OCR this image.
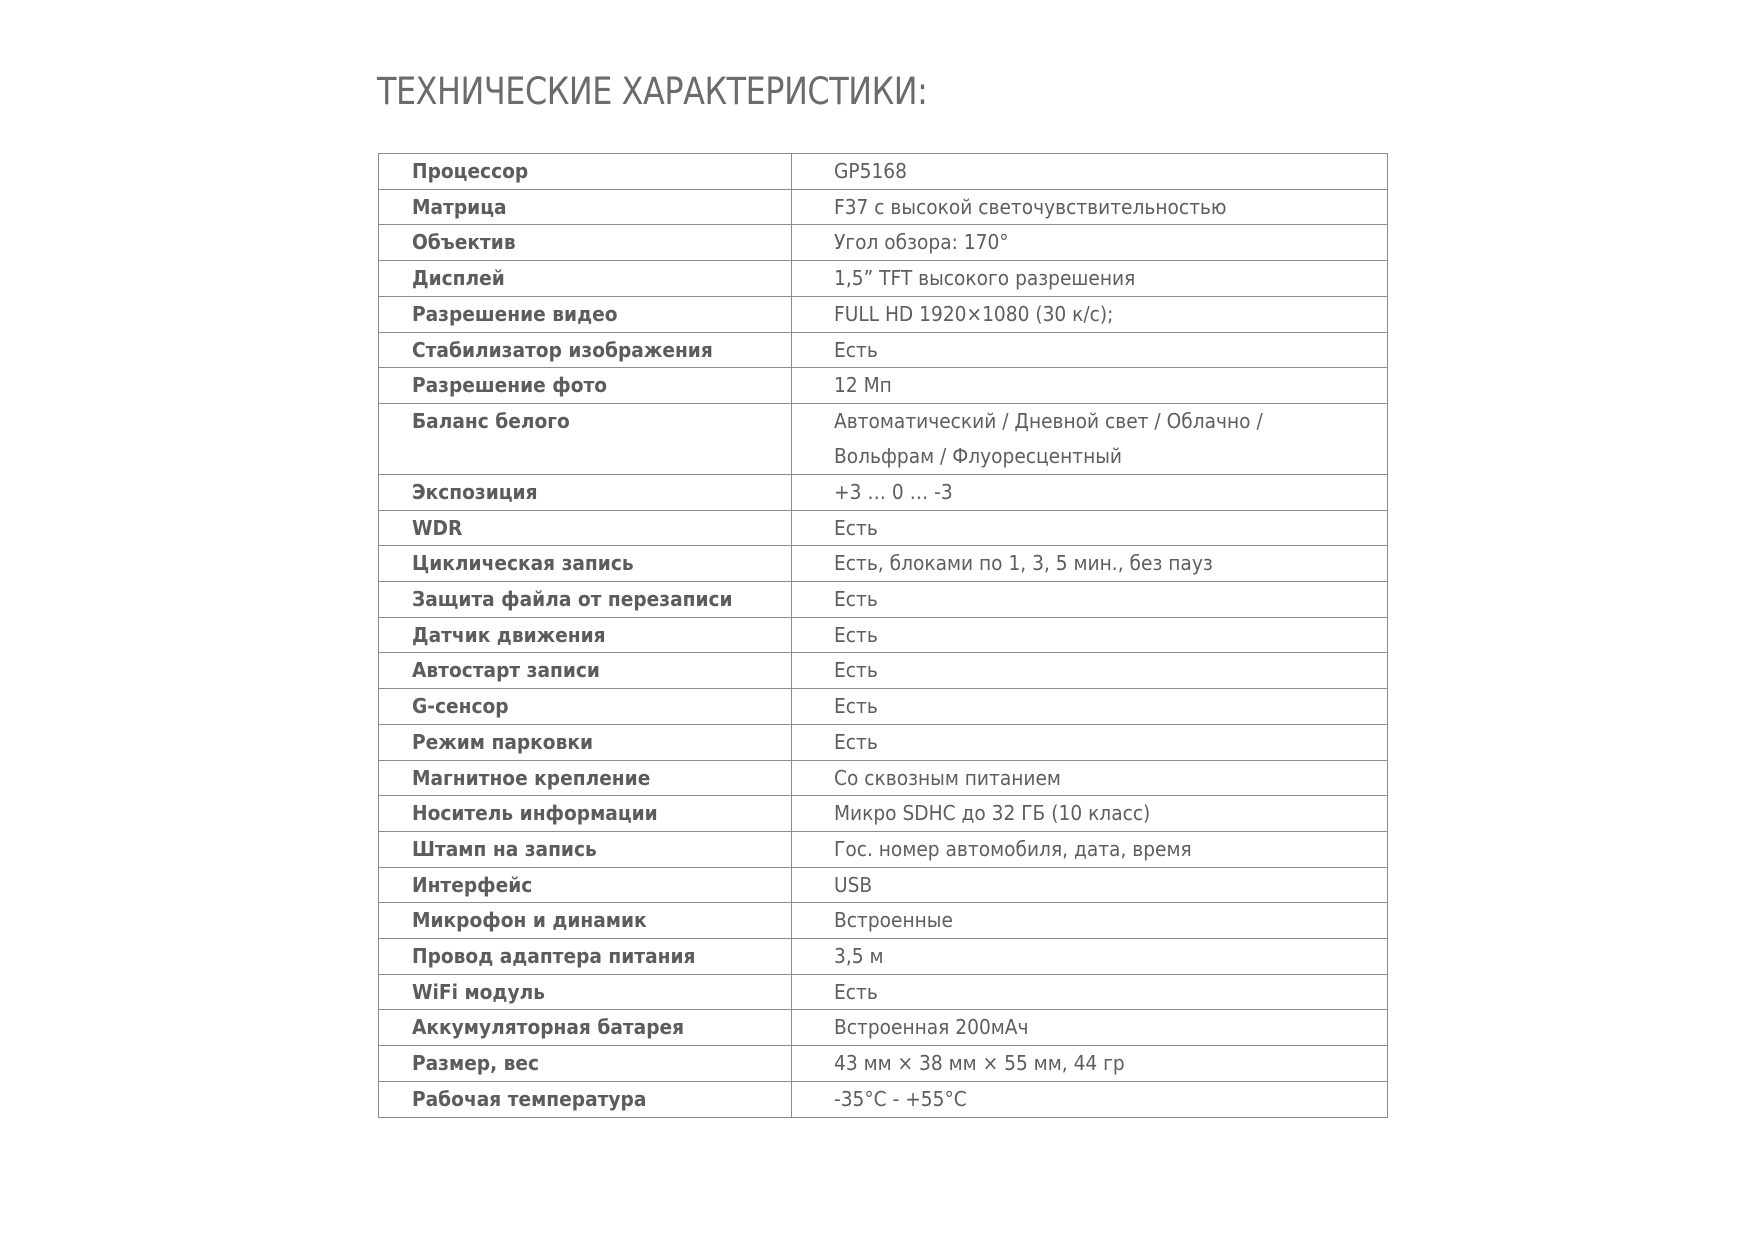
ТЕХНИЧЕСКИЕ ХАРАКТЕРИСТИКИ:
Процессор	GP5168
Матрица	F37 с высокой светочувствительностью
Объектив	Угол обзора: 170°
Дисплей	1,5” TFT высокого разрешения
Разрешение видео	FULL HD 1920×1080 (30 к/с);
Стабилизатор изображения	Есть
Разрешение фото	12 Мп
Баланс белого	Автоматический / Дневной свет / Облачно /
Вольфрам / Флуоресцентный
Экспозиция	+3 … 0 … -3
WDR	Есть
Циклическая запись	Есть, блоками по 1, 3, 5 мин., без пауз
Защита файла от перезаписи	Есть
Датчик движения	Есть
Автостарт записи	Есть
G-сенсор	Есть
Режим парковки	Есть
Магнитное крепление	Со сквозным питанием
Носитель информации	Микро SDHC до 32 ГБ (10 класс)
Штамп на запись	Гос. номер автомобиля, дата, время
Интерфейс	USB
Микрофон и динамик	Встроенные
Провод адаптера питания	3,5 м
WiFi модуль	Есть
Аккумуляторная батарея	Встроенная 200мАч
Размер, вес	43 мм × 38 мм × 55 мм, 44 гр
Рабочая температура	-35°C - +55°C
